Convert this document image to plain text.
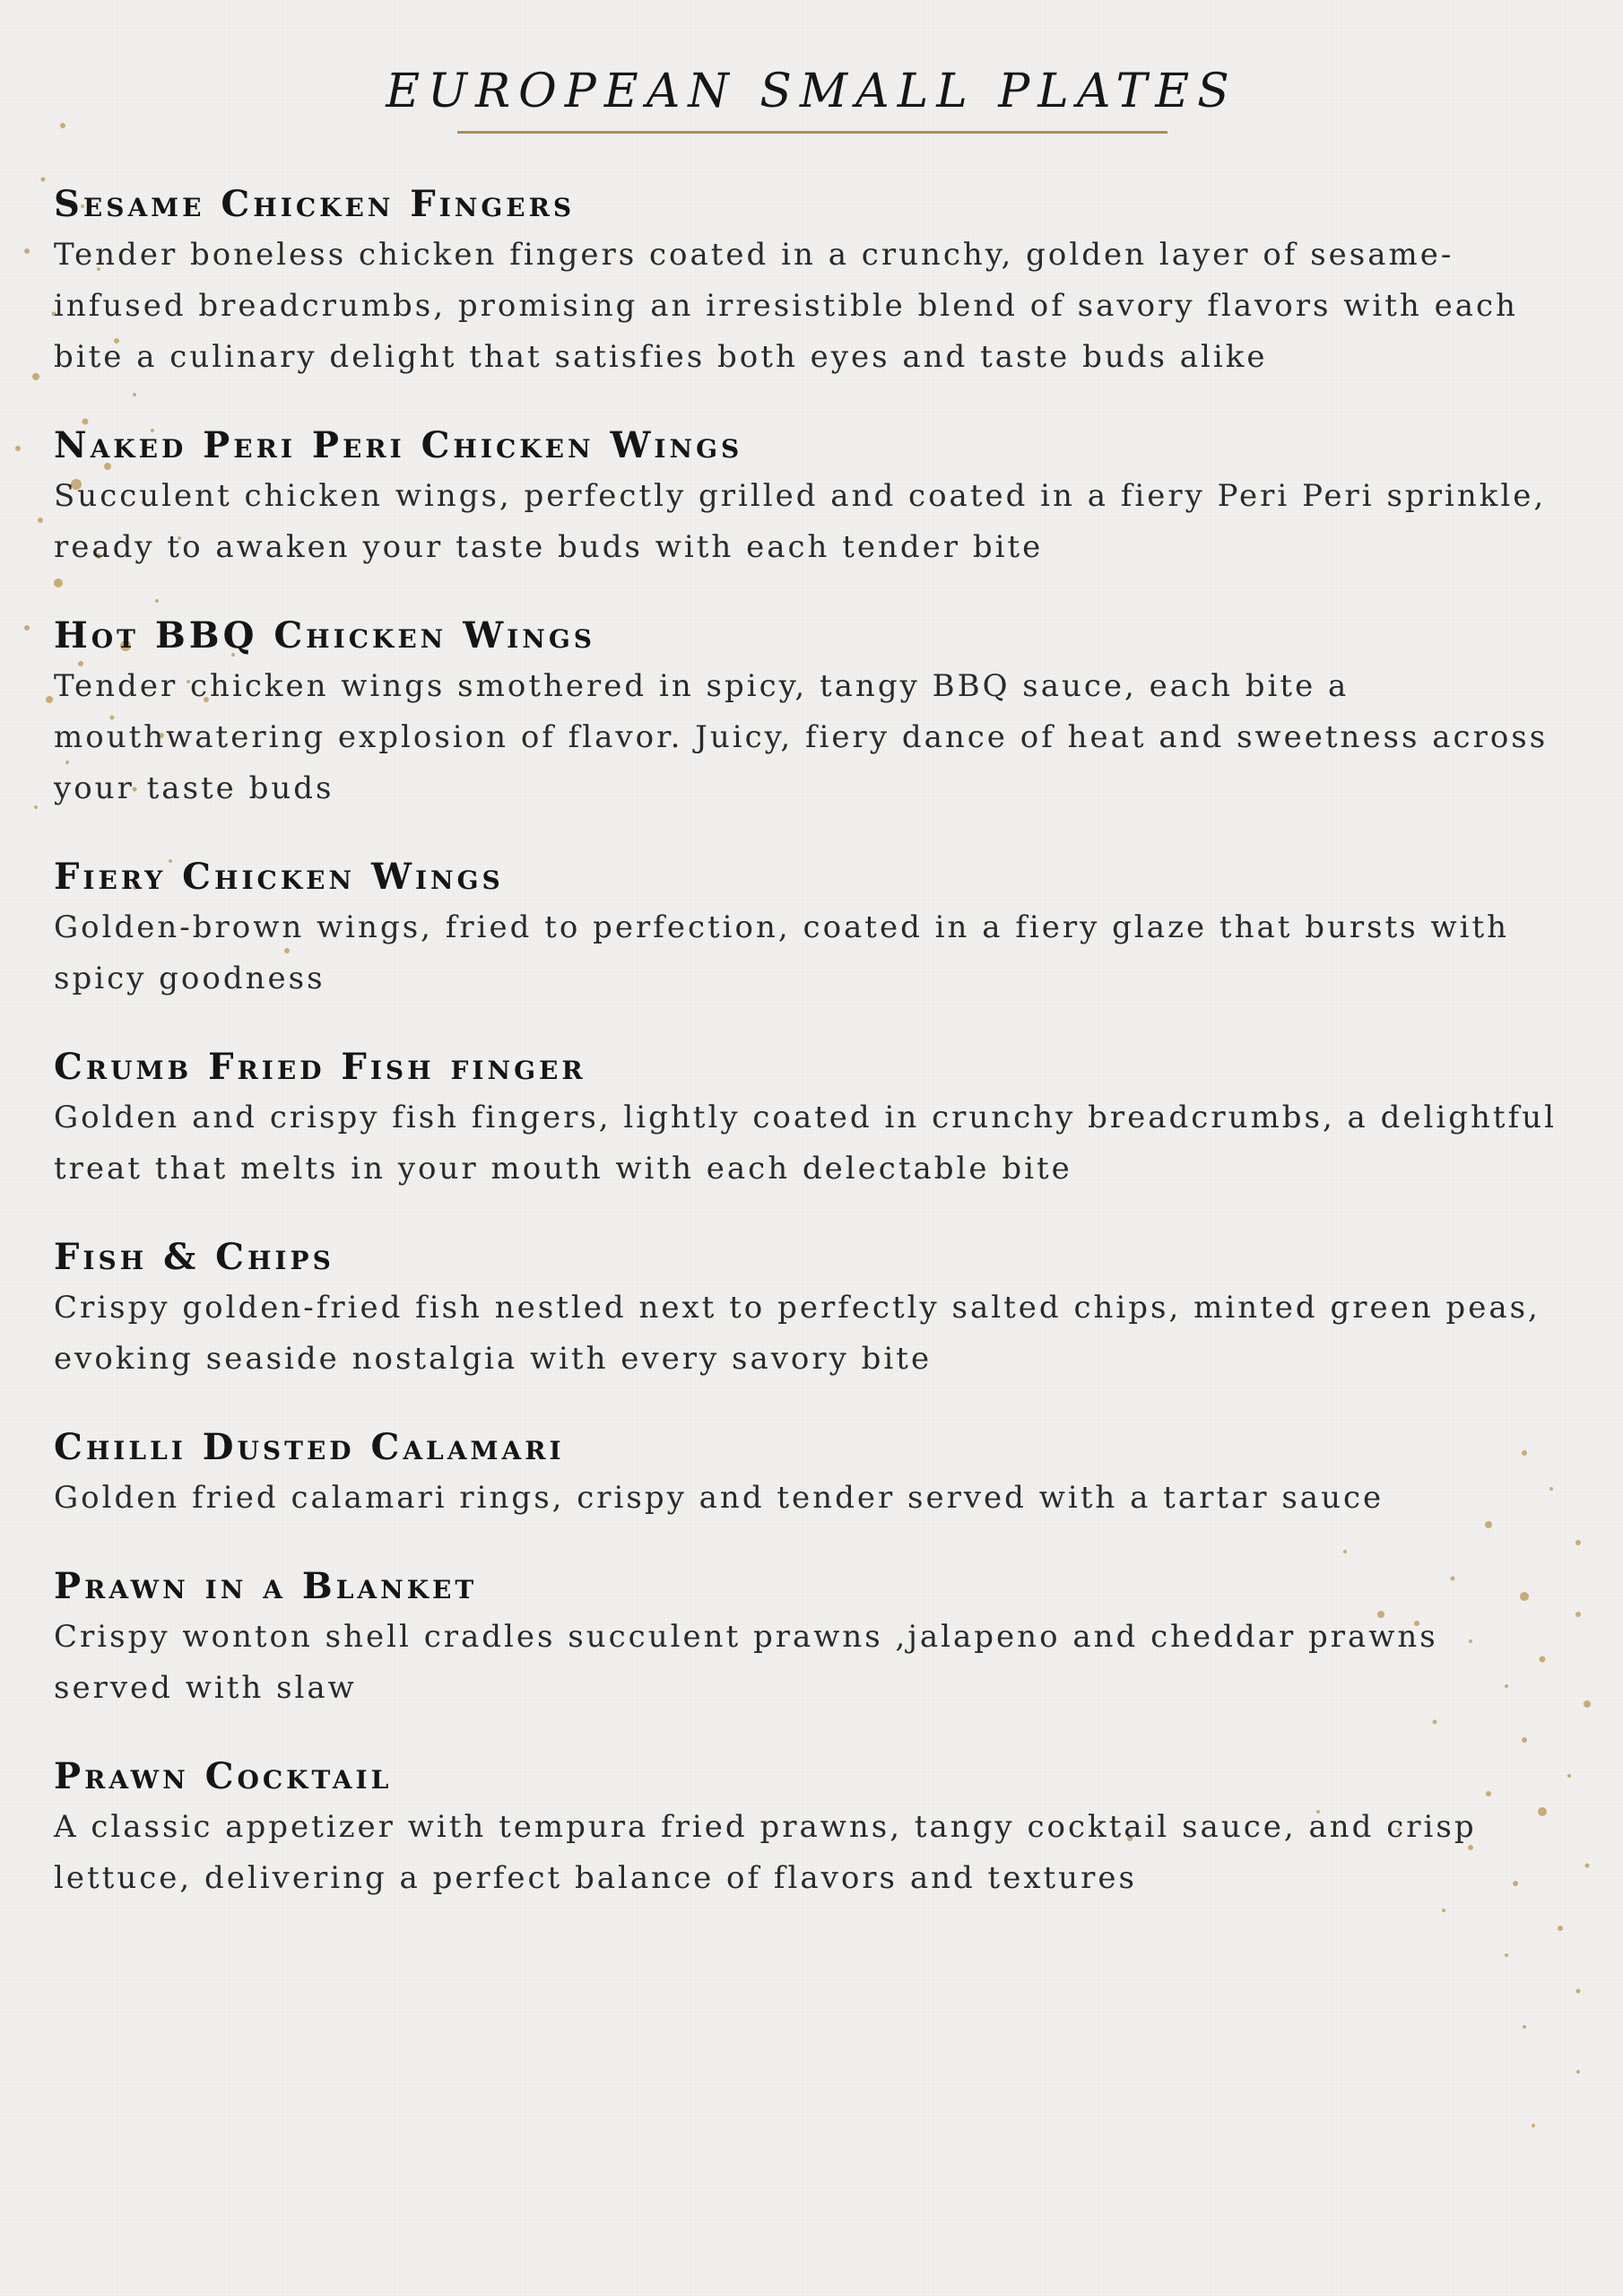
EUROPEAN SMALL PLATES

Sesame Chicken Fingers

Tender boneless chicken fingers coated in a crunchy, golden layer of sesame-infused breadcrumbs, promising an irresistible blend of savory flavors with each bite a culinary delight that satisfies both eyes and taste buds alike

Naked Peri Peri Chicken Wings

Succulent chicken wings, perfectly grilled and coated in a fiery Peri Peri sprinkle, ready to awaken your taste buds with each tender bite

Hot BBQ Chicken Wings

Tender chicken wings smothered in spicy, tangy BBQ sauce, each bite a mouthwatering explosion of flavor. Juicy, fiery dance of heat and sweetness across your taste buds

Fiery Chicken Wings

Golden-brown wings, fried to perfection, coated in a fiery glaze that bursts with spicy goodness

Crumb Fried Fish finger

Golden and crispy fish fingers, lightly coated in crunchy breadcrumbs, a delightful treat that melts in your mouth with each delectable bite

Fish & Chips

Crispy golden-fried fish nestled next to perfectly salted chips, minted green peas, evoking seaside nostalgia with every savory bite

Chilli Dusted Calamari

Golden fried calamari rings, crispy and tender served with a tartar sauce

Prawn in a Blanket

Crispy wonton shell cradles succulent prawns ,jalapeno and cheddar prawns served with slaw

Prawn Cocktail

A classic appetizer with tempura fried prawns, tangy cocktail sauce, and crisp lettuce, delivering a perfect balance of flavors and textures
